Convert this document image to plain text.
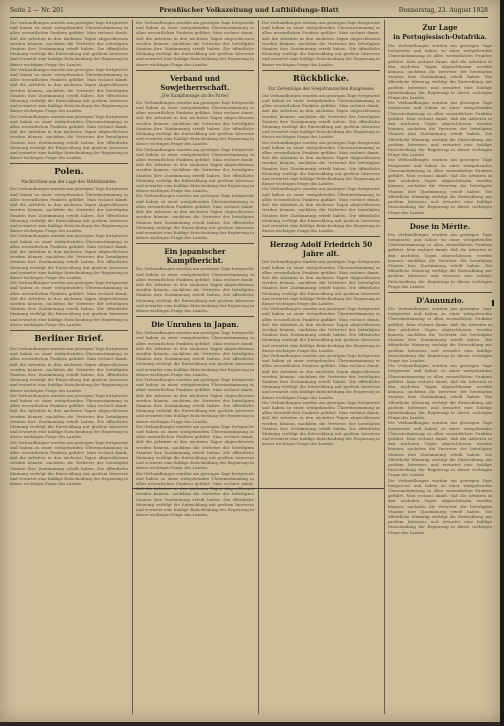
Seite 2 — Nr. 201	Preußischer Volkszeitung und Luftbildungs-Blatt	Donnerstag, 23. August 1928
Die Verhandlungen wurden am gestrigen Tage fortgesetzt und haben zu einer weitgehenden Übereinstimmung in allen wesentlichen Punkten geführt. Man rechnet damit, daß die Arbeiten in den nächsten Tagen abgeschlossen werden können, nachdem die Vertreter der beteiligten Staaten ihre Zustimmung erteilt haben. Die öffentliche Meinung verfolgt die Entwicklung mit großem Interesse und erwartet eine baldige Entscheidung der Regierung in dieser wichtigen Frage des Landes.
Die Verhandlungen wurden am gestrigen Tage fortgesetzt und haben zu einer weitgehenden Übereinstimmung in allen wesentlichen Punkten geführt. Man rechnet damit, daß die Arbeiten in den nächsten Tagen abgeschlossen werden können, nachdem die Vertreter der beteiligten Staaten ihre Zustimmung erteilt haben. Die öffentliche Meinung verfolgt die Entwicklung mit großem Interesse und erwartet eine baldige Entscheidung der Regierung in dieser wichtigen Frage des Landes.
Die Verhandlungen wurden am gestrigen Tage fortgesetzt und haben zu einer weitgehenden Übereinstimmung in allen wesentlichen Punkten geführt. Man rechnet damit, daß die Arbeiten in den nächsten Tagen abgeschlossen werden können, nachdem die Vertreter der beteiligten Staaten ihre Zustimmung erteilt haben. Die öffentliche Meinung verfolgt die Entwicklung mit großem Interesse und erwartet eine baldige Entscheidung der Regierung in dieser wichtigen Frage des Landes.
Polen.
Nachrichten aus der Lage des Mittelstandes.
Die Verhandlungen wurden am gestrigen Tage fortgesetzt und haben zu einer weitgehenden Übereinstimmung in allen wesentlichen Punkten geführt. Man rechnet damit, daß die Arbeiten in den nächsten Tagen abgeschlossen werden können, nachdem die Vertreter der beteiligten Staaten ihre Zustimmung erteilt haben. Die öffentliche Meinung verfolgt die Entwicklung mit großem Interesse und erwartet eine baldige Entscheidung der Regierung in dieser wichtigen Frage des Landes.
Die Verhandlungen wurden am gestrigen Tage fortgesetzt und haben zu einer weitgehenden Übereinstimmung in allen wesentlichen Punkten geführt. Man rechnet damit, daß die Arbeiten in den nächsten Tagen abgeschlossen werden können, nachdem die Vertreter der beteiligten Staaten ihre Zustimmung erteilt haben. Die öffentliche Meinung verfolgt die Entwicklung mit großem Interesse und erwartet eine baldige Entscheidung der Regierung in dieser wichtigen Frage des Landes.
Die Verhandlungen wurden am gestrigen Tage fortgesetzt und haben zu einer weitgehenden Übereinstimmung in allen wesentlichen Punkten geführt. Man rechnet damit, daß die Arbeiten in den nächsten Tagen abgeschlossen werden können, nachdem die Vertreter der beteiligten Staaten ihre Zustimmung erteilt haben. Die öffentliche Meinung verfolgt die Entwicklung mit großem Interesse und erwartet eine baldige Entscheidung der Regierung in dieser wichtigen Frage des Landes.
Berliner Brief.
Die Verhandlungen wurden am gestrigen Tage fortgesetzt und haben zu einer weitgehenden Übereinstimmung in allen wesentlichen Punkten geführt. Man rechnet damit, daß die Arbeiten in den nächsten Tagen abgeschlossen werden können, nachdem die Vertreter der beteiligten Staaten ihre Zustimmung erteilt haben. Die öffentliche Meinung verfolgt die Entwicklung mit großem Interesse und erwartet eine baldige Entscheidung der Regierung in dieser wichtigen Frage des Landes.
Die Verhandlungen wurden am gestrigen Tage fortgesetzt und haben zu einer weitgehenden Übereinstimmung in allen wesentlichen Punkten geführt. Man rechnet damit, daß die Arbeiten in den nächsten Tagen abgeschlossen werden können, nachdem die Vertreter der beteiligten Staaten ihre Zustimmung erteilt haben. Die öffentliche Meinung verfolgt die Entwicklung mit großem Interesse und erwartet eine baldige Entscheidung der Regierung in dieser wichtigen Frage des Landes.
Die Verhandlungen wurden am gestrigen Tage fortgesetzt und haben zu einer weitgehenden Übereinstimmung in allen wesentlichen Punkten geführt. Man rechnet damit, daß die Arbeiten in den nächsten Tagen abgeschlossen werden können, nachdem die Vertreter der beteiligten Staaten ihre Zustimmung erteilt haben. Die öffentliche Meinung verfolgt die Entwicklung mit großem Interesse und erwartet eine baldige Entscheidung der Regierung in dieser wichtigen Frage des Landes.
Die Verhandlungen wurden am gestrigen Tage fortgesetzt und haben zu einer weitgehenden Übereinstimmung in allen wesentlichen Punkten geführt. Man rechnet damit, daß die Arbeiten in den nächsten Tagen abgeschlossen werden können, nachdem die Vertreter der beteiligten Staaten ihre Zustimmung erteilt haben. Die öffentliche Meinung verfolgt die Entwicklung mit großem Interesse und erwartet eine baldige Entscheidung der Regierung in dieser wichtigen Frage des Landes.
Verband und Sowjetherrschaft.
„Die Kampfansage an die Partei“
Die Verhandlungen wurden am gestrigen Tage fortgesetzt und haben zu einer weitgehenden Übereinstimmung in allen wesentlichen Punkten geführt. Man rechnet damit, daß die Arbeiten in den nächsten Tagen abgeschlossen werden können, nachdem die Vertreter der beteiligten Staaten ihre Zustimmung erteilt haben. Die öffentliche Meinung verfolgt die Entwicklung mit großem Interesse und erwartet eine baldige Entscheidung der Regierung in dieser wichtigen Frage des Landes.
Die Verhandlungen wurden am gestrigen Tage fortgesetzt und haben zu einer weitgehenden Übereinstimmung in allen wesentlichen Punkten geführt. Man rechnet damit, daß die Arbeiten in den nächsten Tagen abgeschlossen werden können, nachdem die Vertreter der beteiligten Staaten ihre Zustimmung erteilt haben. Die öffentliche Meinung verfolgt die Entwicklung mit großem Interesse und erwartet eine baldige Entscheidung der Regierung in dieser wichtigen Frage des Landes.
Die Verhandlungen wurden am gestrigen Tage fortgesetzt und haben zu einer weitgehenden Übereinstimmung in allen wesentlichen Punkten geführt. Man rechnet damit, daß die Arbeiten in den nächsten Tagen abgeschlossen werden können, nachdem die Vertreter der beteiligten Staaten ihre Zustimmung erteilt haben. Die öffentliche Meinung verfolgt die Entwicklung mit großem Interesse und erwartet eine baldige Entscheidung der Regierung in dieser wichtigen Frage des Landes.
Ein japanischer Kampfbericht.
Die Verhandlungen wurden am gestrigen Tage fortgesetzt und haben zu einer weitgehenden Übereinstimmung in allen wesentlichen Punkten geführt. Man rechnet damit, daß die Arbeiten in den nächsten Tagen abgeschlossen werden können, nachdem die Vertreter der beteiligten Staaten ihre Zustimmung erteilt haben. Die öffentliche Meinung verfolgt die Entwicklung mit großem Interesse und erwartet eine baldige Entscheidung der Regierung in dieser wichtigen Frage des Landes.
Die Unruhen in Japan.
Die Verhandlungen wurden am gestrigen Tage fortgesetzt und haben zu einer weitgehenden Übereinstimmung in allen wesentlichen Punkten geführt. Man rechnet damit, daß die Arbeiten in den nächsten Tagen abgeschlossen werden können, nachdem die Vertreter der beteiligten Staaten ihre Zustimmung erteilt haben. Die öffentliche Meinung verfolgt die Entwicklung mit großem Interesse und erwartet eine baldige Entscheidung der Regierung in dieser wichtigen Frage des Landes.
Die Verhandlungen wurden am gestrigen Tage fortgesetzt und haben zu einer weitgehenden Übereinstimmung in allen wesentlichen Punkten geführt. Man rechnet damit, daß die Arbeiten in den nächsten Tagen abgeschlossen werden können, nachdem die Vertreter der beteiligten Staaten ihre Zustimmung erteilt haben. Die öffentliche Meinung verfolgt die Entwicklung mit großem Interesse und erwartet eine baldige Entscheidung der Regierung in dieser wichtigen Frage des Landes.
Die Verhandlungen wurden am gestrigen Tage fortgesetzt und haben zu einer weitgehenden Übereinstimmung in allen wesentlichen Punkten geführt. Man rechnet damit, daß die Arbeiten in den nächsten Tagen abgeschlossen werden können, nachdem die Vertreter der beteiligten Staaten ihre Zustimmung erteilt haben. Die öffentliche Meinung verfolgt die Entwicklung mit großem Interesse und erwartet eine baldige Entscheidung der Regierung in dieser wichtigen Frage des Landes.
Die Verhandlungen wurden am gestrigen Tage fortgesetzt und haben zu einer weitgehenden Übereinstimmung in allen wesentlichen Punkten geführt. Man rechnet damit, werden können, nachdem die Vertreter der beteiligten Staaten ihre Zustimmung erteilt haben. Die öffentliche Meinung verfolgt die Entwicklung mit großem Interesse und erwartet eine baldige Entscheidung der Regierung in dieser wichtigen Frage des Landes.
Die Verhandlungen wurden am gestrigen Tage fortgesetzt und haben zu einer weitgehenden Übereinstimmung in allen wesentlichen Punkten geführt. Man rechnet damit, daß die Arbeiten in den nächsten Tagen abgeschlossen werden können, nachdem die Vertreter der beteiligten Staaten ihre Zustimmung erteilt haben. Die öffentliche Meinung verfolgt die Entwicklung mit großem Interesse und erwartet eine baldige Entscheidung der Regierung in dieser wichtigen Frage des Landes.
Rückblicke.
Zur Zeitenfolge des Sowjetrussischen Kongresses
Die Verhandlungen wurden am gestrigen Tage fortgesetzt und haben zu einer weitgehenden Übereinstimmung in allen wesentlichen Punkten geführt. Man rechnet damit, daß die Arbeiten in den nächsten Tagen abgeschlossen werden können, nachdem die Vertreter der beteiligten Staaten ihre Zustimmung erteilt haben. Die öffentliche Meinung verfolgt die Entwicklung mit großem Interesse und erwartet eine baldige Entscheidung der Regierung in dieser wichtigen Frage des Landes.
Die Verhandlungen wurden am gestrigen Tage fortgesetzt und haben zu einer weitgehenden Übereinstimmung in allen wesentlichen Punkten geführt. Man rechnet damit, daß die Arbeiten in den nächsten Tagen abgeschlossen werden können, nachdem die Vertreter der beteiligten Staaten ihre Zustimmung erteilt haben. Die öffentliche Meinung verfolgt die Entwicklung mit großem Interesse und erwartet eine baldige Entscheidung der Regierung in dieser wichtigen Frage des Landes.
Die Verhandlungen wurden am gestrigen Tage fortgesetzt und haben zu einer weitgehenden Übereinstimmung in allen wesentlichen Punkten geführt. Man rechnet damit, daß die Arbeiten in den nächsten Tagen abgeschlossen werden können, nachdem die Vertreter der beteiligten Staaten ihre Zustimmung erteilt haben. Die öffentliche Meinung verfolgt die Entwicklung mit großem Interesse und erwartet eine baldige Entscheidung der Regierung in dieser wichtigen Frage des Landes.
Herzog Adolf Friedrich 50 Jahre alt.
Die Verhandlungen wurden am gestrigen Tage fortgesetzt und haben zu einer weitgehenden Übereinstimmung in allen wesentlichen Punkten geführt. Man rechnet damit, daß die Arbeiten in den nächsten Tagen abgeschlossen werden können, nachdem die Vertreter der beteiligten Staaten ihre Zustimmung erteilt haben. Die öffentliche Meinung verfolgt die Entwicklung mit großem Interesse und erwartet eine baldige Entscheidung der Regierung in dieser wichtigen Frage des Landes.
Die Verhandlungen wurden am gestrigen Tage fortgesetzt und haben zu einer weitgehenden Übereinstimmung in allen wesentlichen Punkten geführt. Man rechnet damit, daß die Arbeiten in den nächsten Tagen abgeschlossen werden können, nachdem die Vertreter der beteiligten Staaten ihre Zustimmung erteilt haben. Die öffentliche Meinung verfolgt die Entwicklung mit großem Interesse und erwartet eine baldige Entscheidung der Regierung in dieser wichtigen Frage des Landes.
Die Verhandlungen wurden am gestrigen Tage fortgesetzt und haben zu einer weitgehenden Übereinstimmung in allen wesentlichen Punkten geführt. Man rechnet damit, daß die Arbeiten in den nächsten Tagen abgeschlossen werden können, nachdem die Vertreter der beteiligten Staaten ihre Zustimmung erteilt haben. Die öffentliche Meinung verfolgt die Entwicklung mit großem Interesse und erwartet eine baldige Entscheidung der Regierung in dieser wichtigen Frage des Landes.
Die Verhandlungen wurden am gestrigen Tage fortgesetzt und haben zu einer weitgehenden Übereinstimmung in allen wesentlichen Punkten geführt. Man rechnet damit, daß die Arbeiten in den nächsten Tagen abgeschlossen werden können, nachdem die Vertreter der beteiligten Staaten ihre Zustimmung erteilt haben. Die öffentliche Meinung verfolgt die Entwicklung mit großem Interesse und erwartet eine baldige Entscheidung der Regierung in dieser wichtigen Frage des Landes.
Zur Lage
in Portugiesisch-Ostafrika.
Die Verhandlungen wurden am gestrigen Tage fortgesetzt und haben zu einer weitgehenden Übereinstimmung in allen wesentlichen Punkten geführt. Man rechnet damit, daß die Arbeiten in den nächsten Tagen abgeschlossen werden können, nachdem die Vertreter der beteiligten Staaten ihre Zustimmung erteilt haben. Die öffentliche Meinung verfolgt die Entwicklung mit großem Interesse und erwartet eine baldige Entscheidung der Regierung in dieser wichtigen Frage des Landes.
Die Verhandlungen wurden am gestrigen Tage fortgesetzt und haben zu einer weitgehenden Übereinstimmung in allen wesentlichen Punkten geführt. Man rechnet damit, daß die Arbeiten in den nächsten Tagen abgeschlossen werden können, nachdem die Vertreter der beteiligten Staaten ihre Zustimmung erteilt haben. Die öffentliche Meinung verfolgt die Entwicklung mit großem Interesse und erwartet eine baldige Entscheidung der Regierung in dieser wichtigen Frage des Landes.
Die Verhandlungen wurden am gestrigen Tage fortgesetzt und haben zu einer weitgehenden Übereinstimmung in allen wesentlichen Punkten geführt. Man rechnet damit, daß die Arbeiten in den nächsten Tagen abgeschlossen werden können, nachdem die Vertreter der beteiligten Staaten ihre Zustimmung erteilt haben. Die öffentliche Meinung verfolgt die Entwicklung mit großem Interesse und erwartet eine baldige Entscheidung der Regierung in dieser wichtigen Frage des Landes.
Dose in Mérite.
Die Verhandlungen wurden am gestrigen Tage fortgesetzt und haben zu einer weitgehenden Übereinstimmung in allen wesentlichen Punkten geführt. Man rechnet damit, daß die Arbeiten in den nächsten Tagen abgeschlossen werden können, nachdem die Vertreter der beteiligten Staaten ihre Zustimmung erteilt haben. Die öffentliche Meinung verfolgt die Entwicklung mit großem Interesse und erwartet eine baldige Entscheidung der Regierung in dieser wichtigen Frage des Landes.
D'Annunzio.
Die Verhandlungen wurden am gestrigen Tage fortgesetzt und haben zu einer weitgehenden Übereinstimmung in allen wesentlichen Punkten geführt. Man rechnet damit, daß die Arbeiten in den nächsten Tagen abgeschlossen werden können, nachdem die Vertreter der beteiligten Staaten ihre Zustimmung erteilt haben. Die öffentliche Meinung verfolgt die Entwicklung mit großem Interesse und erwartet eine baldige Entscheidung der Regierung in dieser wichtigen Frage des Landes.
Die Verhandlungen wurden am gestrigen Tage fortgesetzt und haben zu einer weitgehenden Übereinstimmung in allen wesentlichen Punkten geführt. Man rechnet damit, daß die Arbeiten in den nächsten Tagen abgeschlossen werden können, nachdem die Vertreter der beteiligten Staaten ihre Zustimmung erteilt haben. Die öffentliche Meinung verfolgt die Entwicklung mit großem Interesse und erwartet eine baldige Entscheidung der Regierung in dieser wichtigen Frage des Landes.
Die Verhandlungen wurden am gestrigen Tage fortgesetzt und haben zu einer weitgehenden Übereinstimmung in allen wesentlichen Punkten geführt. Man rechnet damit, daß die Arbeiten in den nächsten Tagen abgeschlossen werden können, nachdem die Vertreter der beteiligten Staaten ihre Zustimmung erteilt haben. Die öffentliche Meinung verfolgt die Entwicklung mit großem Interesse und erwartet eine baldige Entscheidung der Regierung in dieser wichtigen Frage des Landes.
Die Verhandlungen wurden am gestrigen Tage fortgesetzt und haben zu einer weitgehenden Übereinstimmung in allen wesentlichen Punkten geführt. Man rechnet damit, daß die Arbeiten in den nächsten Tagen abgeschlossen werden können, nachdem die Vertreter der beteiligten Staaten ihre Zustimmung erteilt haben. Die öffentliche Meinung verfolgt die Entwicklung mit großem Interesse und erwartet eine baldige Entscheidung der Regierung in dieser wichtigen Frage des Landes.
